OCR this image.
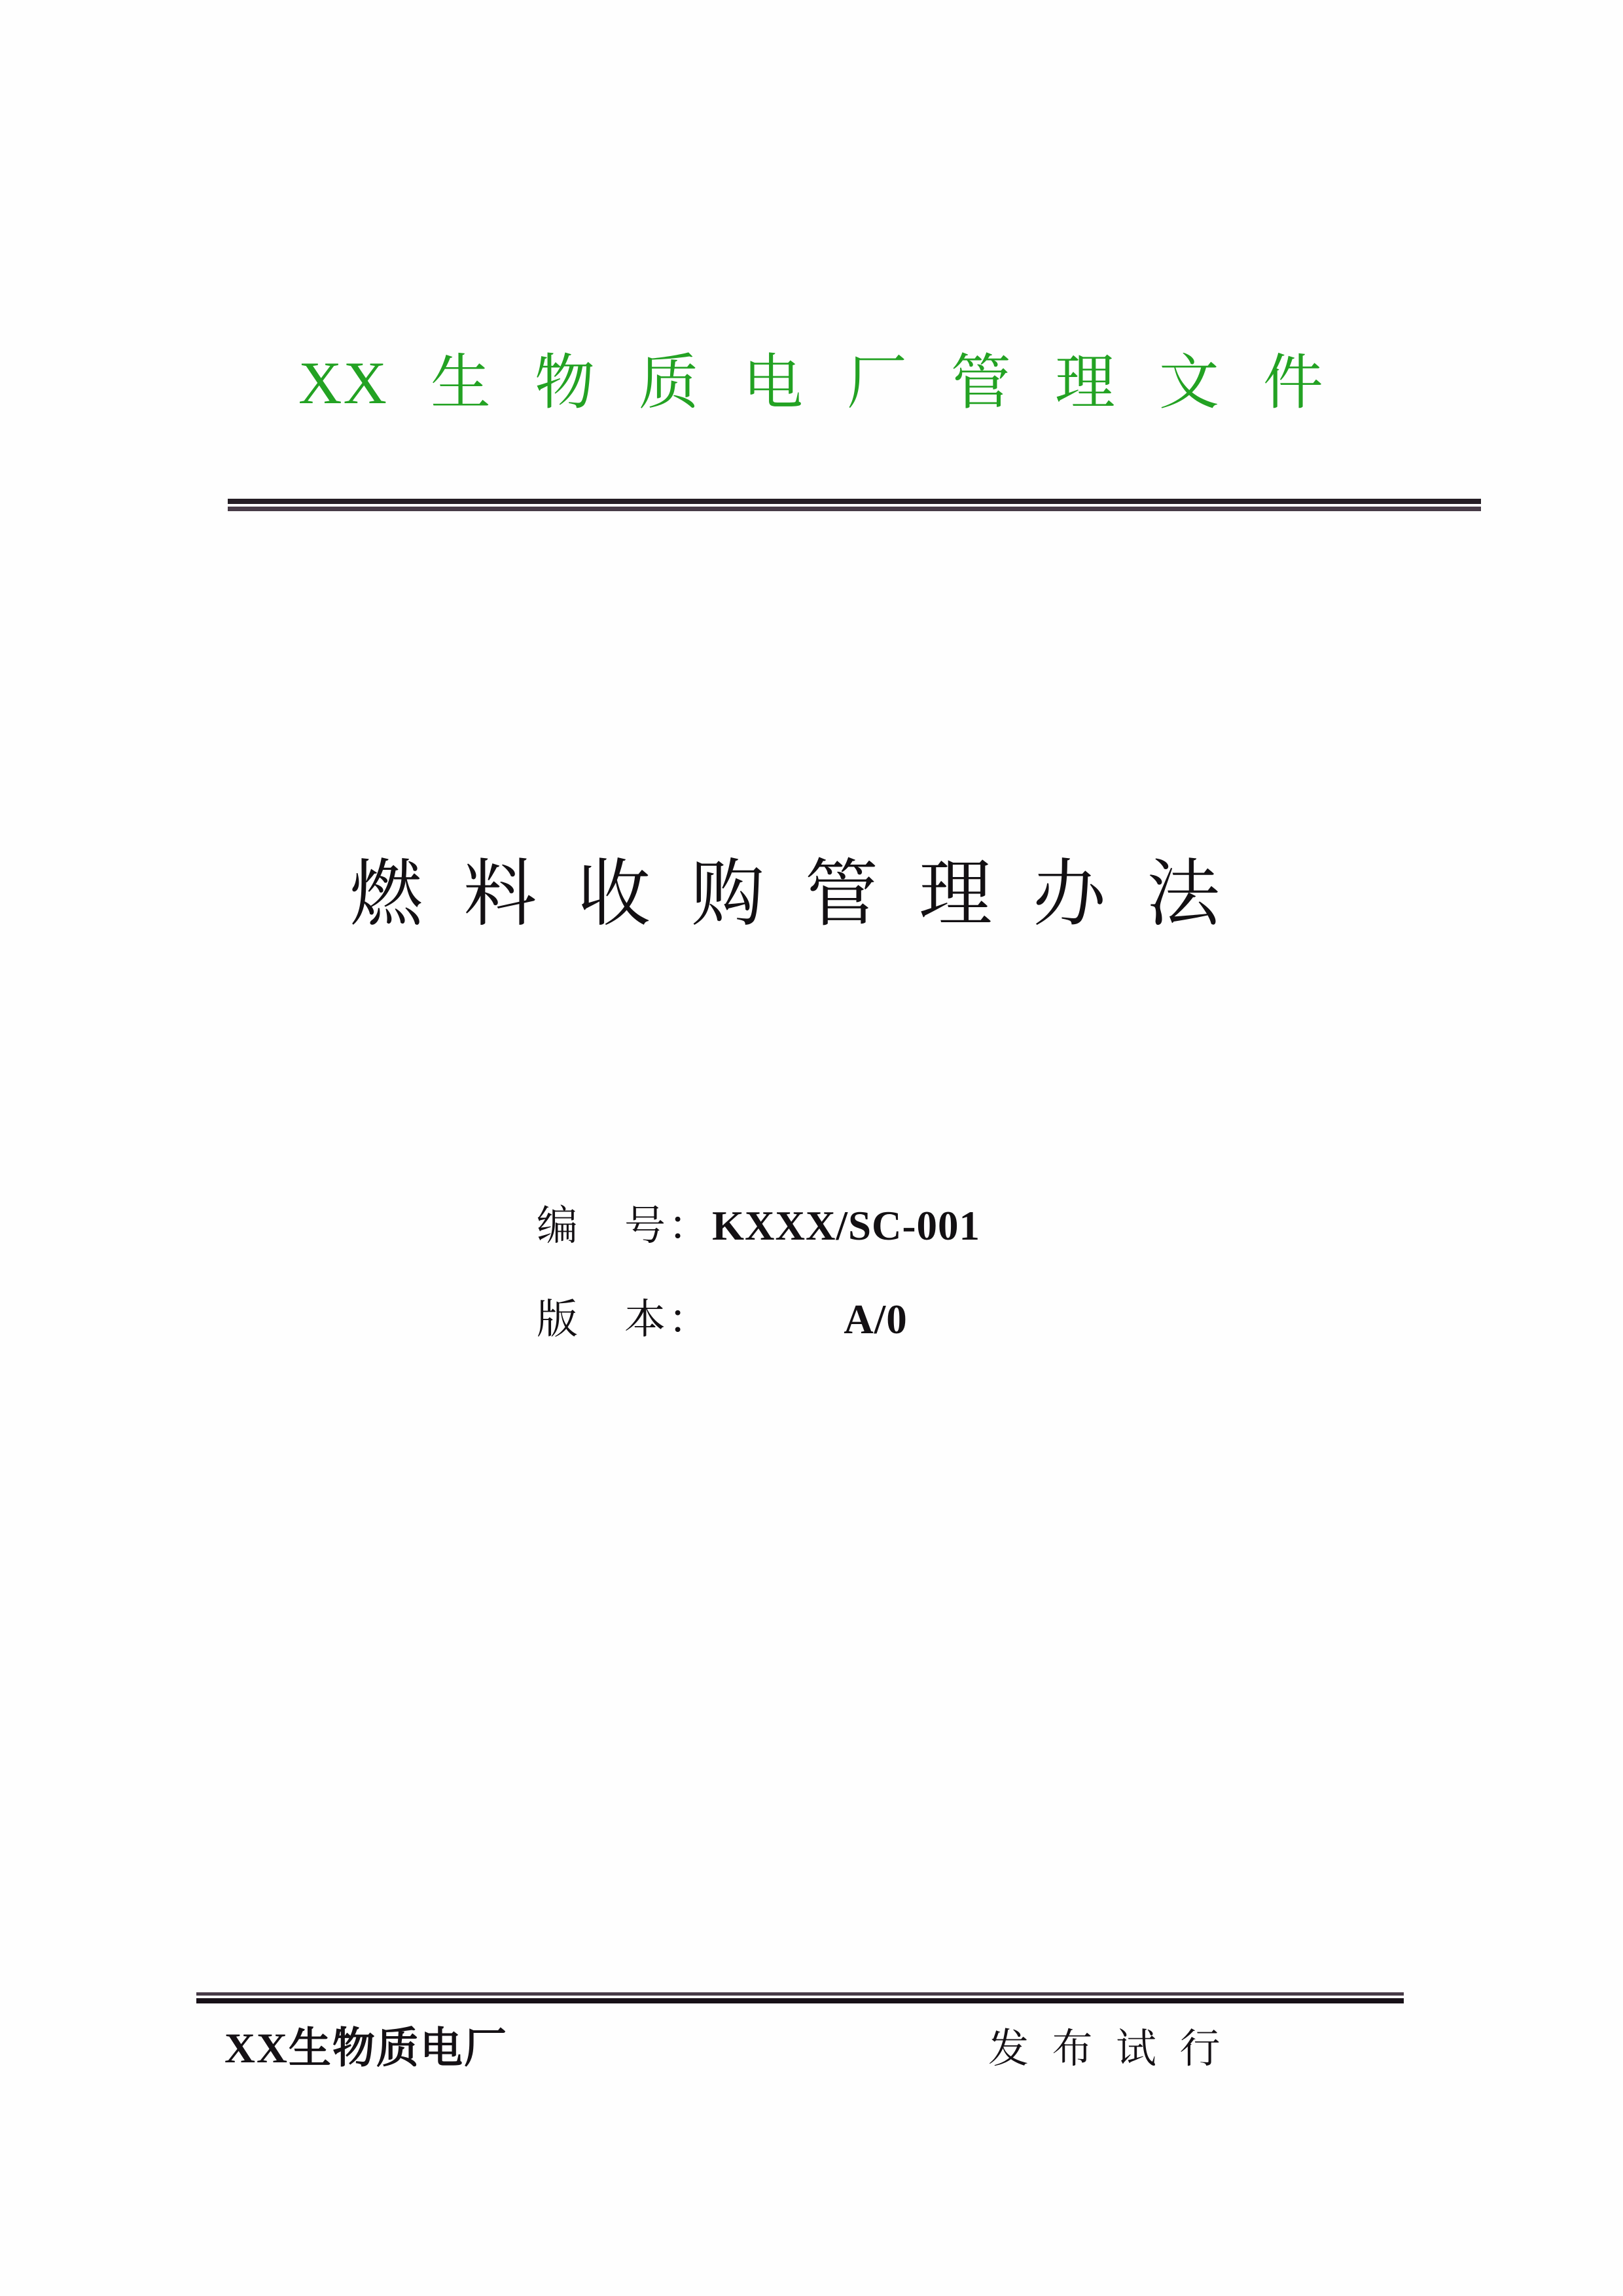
XX 生 物 质 电 厂 管 理 文 件
燃 料 收 购 管 理 办 法
编　号：KXXX/SC-001
版　本：	A/0
XX生物质电厂	发 布 试 行
